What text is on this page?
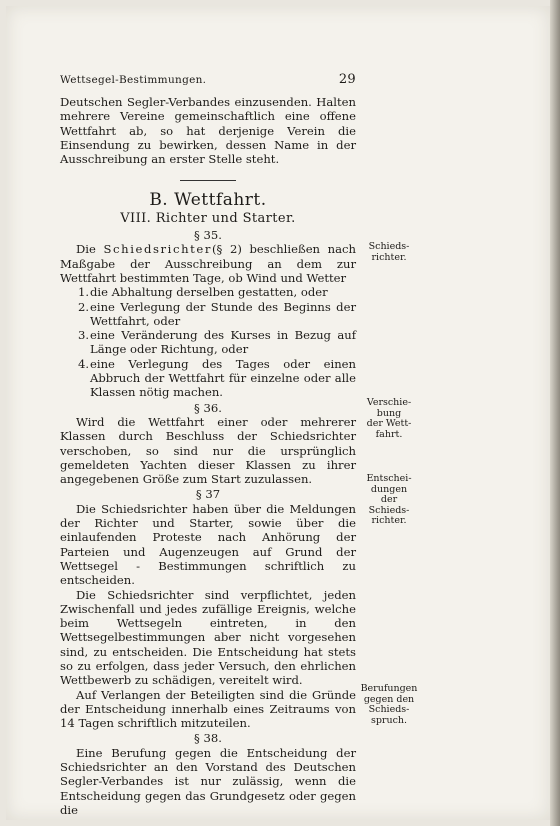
Wettsegel-Bestimmungen.	29

Deutschen Segler-Verbandes einzusenden. Halten mehrere Vereine gemeinschaftlich eine offene Wettfahrt ab, so hat derjenige Verein die Einsendung zu bewirken, dessen Name in der Ausschreibung an erster Stelle steht.

B. Wettfahrt.
VIII. Richter und Starter.
§ 35.

Die Schiedsrichter(§ 2) beschließen nach Maßgabe der Ausschreibung an dem zur Wettfahrt bestimmten Tage, ob Wind und Wetter

1. die Abhaltung derselben gestatten, oder
2. eine Verlegung der Stunde des Beginns der Wettfahrt, oder
3. eine Veränderung des Kurses in Bezug auf Länge oder Richtung, oder
4. eine Verlegung des Tages oder einen Abbruch der Wettfahrt für einzelne oder alle Klassen nötig machen.
§ 36.

Wird die Wettfahrt einer oder mehrerer Klassen durch Beschluss der Schiedsrichter verschoben, so sind nur die ursprünglich gemeldeten Yachten dieser Klassen zu ihrer angegebenen Größe zum Start zuzulassen.

§ 37

Die Schiedsrichter haben über die Meldungen der Richter und Starter, sowie über die einlaufenden Proteste nach Anhörung der Parteien und Augenzeugen auf Grund der Wettsegel - Bestimmungen schriftlich zu entscheiden.

Die Schiedsrichter sind verpflichtet, jeden Zwischenfall und jedes zufällige Ereignis, welche beim Wettsegeln eintreten, in den Wettsegelbestimmungen aber nicht vorgesehen sind, zu entscheiden. Die Entscheidung hat stets so zu erfolgen, dass jeder Versuch, den ehrlichen Wettbewerb zu schädigen, vereitelt wird.

Auf Verlangen der Beteiligten sind die Gründe der Entscheidung innerhalb eines Zeitraums von 14 Tagen schriftlich mitzuteilen.

§ 38.

Eine Berufung gegen die Entscheidung der Schiedsrichter an den Vorstand des Deutschen Segler-Verbandes ist nur zulässig, wenn die Entscheidung gegen das Grundgesetz oder gegen die

Schieds-
richter.
Verschie-
bung
der Wett-
fahrt.
Entschei-
dungen
der
Schieds-
richter.
Berufungen
gegen den
Schieds-
spruch.
